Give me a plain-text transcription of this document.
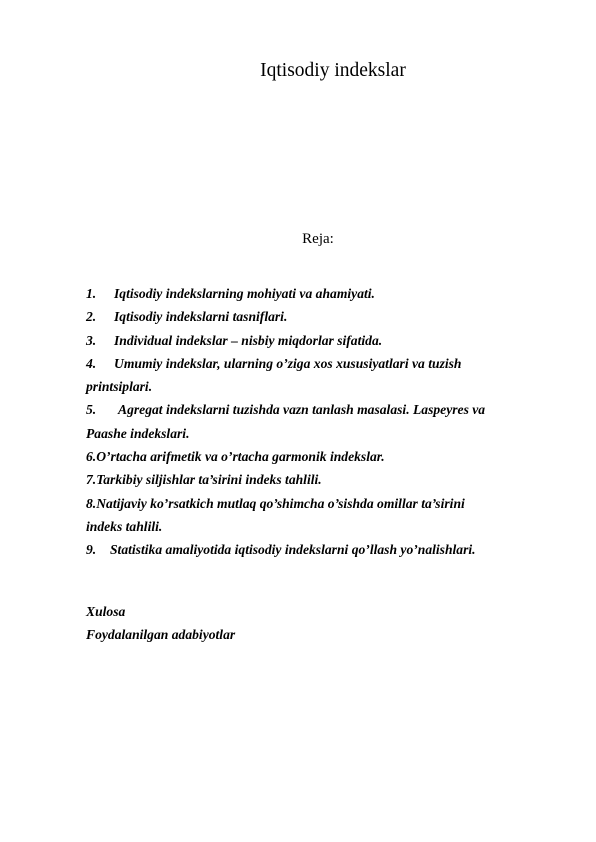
Iqtisodiy indekslar
Reja:
1. Iqtisodiy indekslarning mohiyati va ahamiyati.
2. Iqtisodiy indekslarni tasniflari.
3. Individual indekslar – nisbiy miqdorlar sifatida.
4. Umumiy indekslar, ularning o’ziga xos xususiyatlari va tuzish
printsiplari.
5. Agregat indekslarni tuzishda vazn tanlash masalasi. Laspeyres va
Paashe indekslari.
6.O’rtacha arifmetik va o’rtacha garmonik indekslar.
7.Tarkibiy siljishlar ta’sirini indeks tahlili.
8.Natijaviy ko’rsatkich mutlaq qo’shimcha o’sishda omillar ta’sirini
indeks tahlili.
9. Statistika amaliyotida iqtisodiy indekslarni qo’llash yo’nalishlari.

Xulosa

Foydalanilgan adabiyotlar
